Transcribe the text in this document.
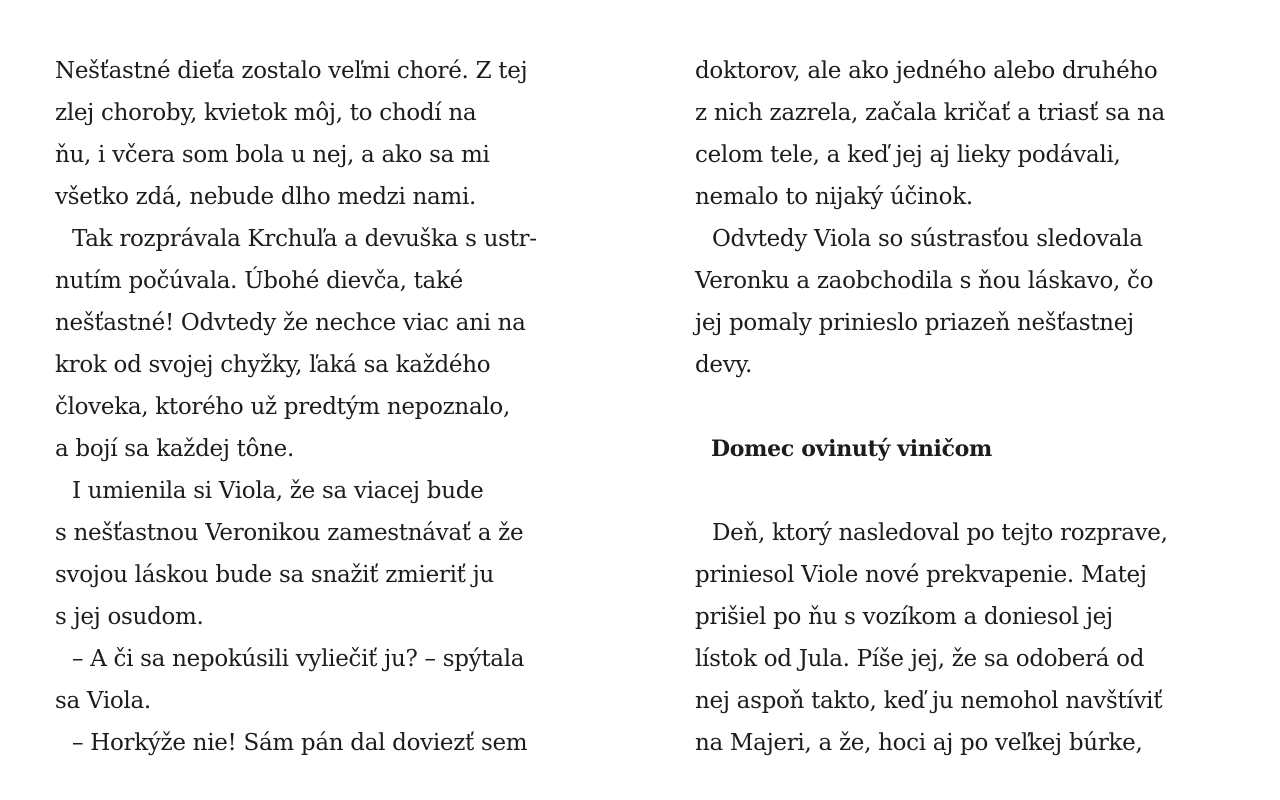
Nešťastné dieťa zostalo veľmi choré. Z tej
zlej choroby, kvietok môj, to chodí na
ňu, i včera som bola u nej, a ako sa mi
všetko zdá, nebude dlho medzi nami.
Tak rozprávala Krchuľa a devuška s ustr-
nutím počúvala. Úbohé dievča, také
nešťastné! Odvtedy že nechce viac ani na
krok od svojej chyžky, ľaká sa každého
človeka, ktorého už predtým nepoznalo,
a bojí sa každej tône.
I umienila si Viola, že sa viacej bude
s nešťastnou Veronikou zamestnávať a že
svojou láskou bude sa snažiť zmieriť ju
s jej osudom.
– A či sa nepokúsili vyliečiť ju? – spýtala
sa Viola.
– Horkýže nie! Sám pán dal doviezť sem
doktorov, ale ako jedného alebo druhého
z nich zazrela, začala kričať a triasť sa na
celom tele, a keď jej aj lieky podávali,
nemalo to nijaký účinok.
Odvtedy Viola so sústrasťou sledovala
Veronku a zaobchodila s ňou láskavo, čo
jej pomaly prinieslo priazeň nešťastnej
devy.
Domec ovinutý viničom
Deň, ktorý nasledoval po tejto rozprave,
priniesol Viole nové prekvapenie. Matej
prišiel po ňu s vozíkom a doniesol jej
lístok od Jula. Píše jej, že sa odoberá od
nej aspoň takto, keď ju nemohol navštíviť
na Majeri, a že, hoci aj po veľkej búrke,
